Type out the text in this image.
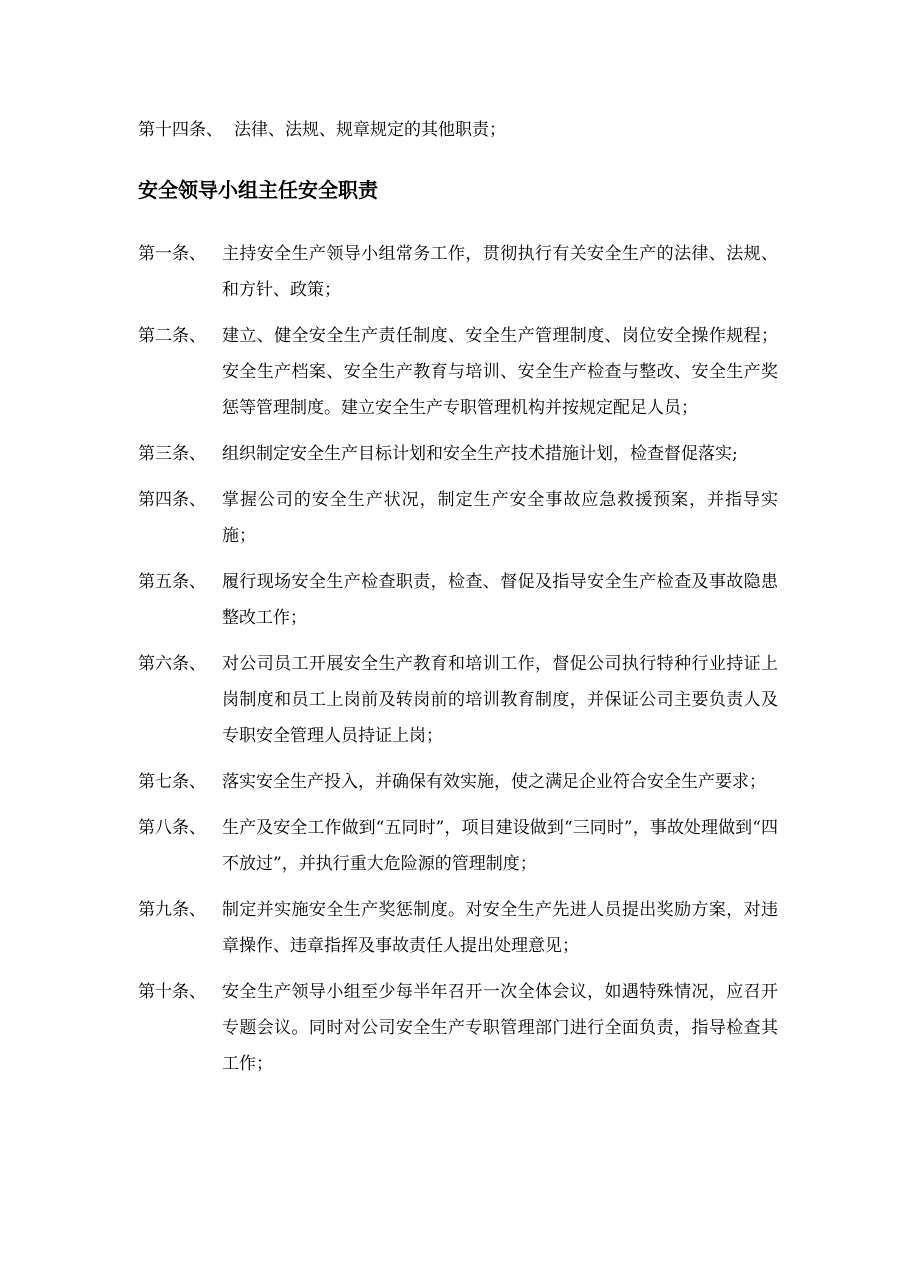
第十四条、 法律、法规、规章规定的其他职责；
安全领导小组主任安全职责
第一条、 主持安全生产领导小组常务工作，贯彻执行有关安全生产的法律、法规、和方针、政策；
第二条、 建立、健全安全生产责任制度、安全生产管理制度、岗位安全操作规程；安全生产档案、安全生产教育与培训、安全生产检查与整改、安全生产奖惩等管理制度。建立安全生产专职管理机构并按规定配足人员；
第三条、 组织制定安全生产目标计划和安全生产技术措施计划，检查督促落实;
第四条、 掌握公司的安全生产状况，制定生产安全事故应急救援预案，并指导实施；
第五条、 履行现场安全生产检查职责，检查、督促及指导安全生产检查及事故隐患整改工作；
第六条、 对公司员工开展安全生产教育和培训工作，督促公司执行特种行业持证上岗制度和员工上岗前及转岗前的培训教育制度，并保证公司主要负责人及专职安全管理人员持证上岗；
第七条、 落实安全生产投入，并确保有效实施，使之满足企业符合安全生产要求；
第八条、 生产及安全工作做到“五同时”，项目建设做到“三同时”，事故处理做到“四不放过”，并执行重大危险源的管理制度；
第九条、 制定并实施安全生产奖惩制度。对安全生产先进人员提出奖励方案，对违章操作、违章指挥及事故责任人提出处理意见；
第十条、 安全生产领导小组至少每半年召开一次全体会议，如遇特殊情况，应召开专题会议。同时对公司安全生产专职管理部门进行全面负责，指导检查其工作；
